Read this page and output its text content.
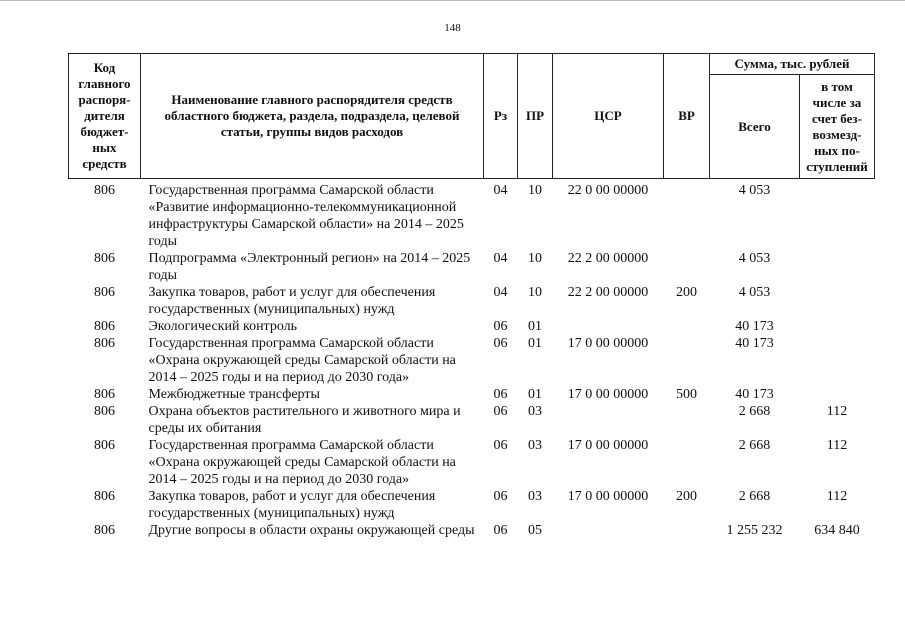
148
Код главного распоря-дителя бюджет-ных средств	Наименование главного распорядителя средств областного бюджета, раздела, подраздела, целевой статьи, группы видов расходов	Рз	ПР	ЦСР	ВР	Сумма, тыс. рублей	
						Всего	в том числе за счет без-возмезд-ных по-ступлений
806	Государственная программа Самарской области «Развитие информационно-телекоммуникационной инфраструктуры Самарской области» на 2014 – 2025 годы	04	10	22 0 00 00000		4 053	
806	Подпрограмма «Электронный регион» на 2014 – 2025 годы	04	10	22 2 00 00000		4 053	
806	Закупка товаров, работ и услуг для обеспечения государственных (муниципальных) нужд	04	10	22 2 00 00000	200	4 053	
806	Экологический контроль	06	01			40 173	
806	Государственная программа Самарской области «Охрана окружающей среды Самарской области на 2014 – 2025 годы и на период до 2030 года»	06	01	17 0 00 00000		40 173	
806	Межбюджетные трансферты	06	01	17 0 00 00000	500	40 173	
806	Охрана объектов растительного и животного мира и среды их обитания	06	03			2 668	112
806	Государственная программа Самарской области «Охрана окружающей среды Самарской области на 2014 – 2025 годы и на период до 2030 года»	06	03	17 0 00 00000		2 668	112
806	Закупка товаров, работ и услуг для обеспечения государственных (муниципальных) нужд	06	03	17 0 00 00000	200	2 668	112
806	Другие вопросы в области охраны окружающей среды	06	05			1 255 232	634 840
